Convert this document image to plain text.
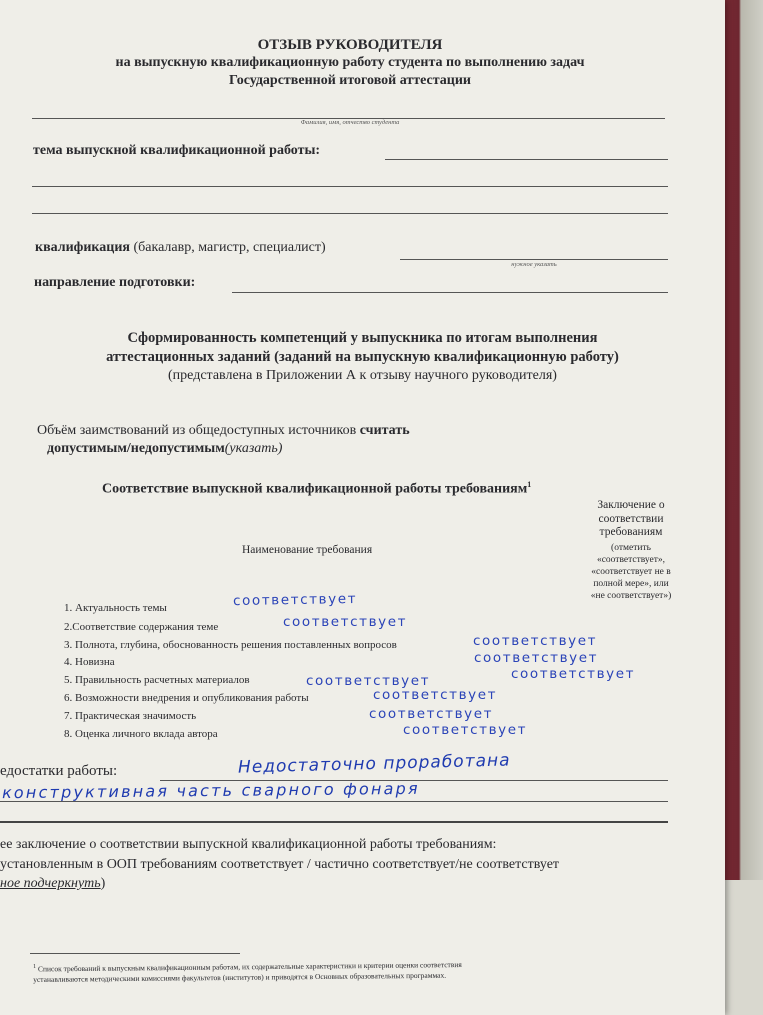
ОТЗЫВ РУКОВОДИТЕЛЯ
на выпускную квалификационную работу студента по выполнению задач
Государственной итоговой аттестации
Фамилия, имя, отчество студента
тема выпускной квалификационной работы:
квалификация (бакалавр, магистр, специалист)
нужное указать
направление подготовки:
Сформированность компетенций у выпускника по итогам выполнения
аттестационных заданий (заданий на выпускную квалификационную работу)
(представлена в Приложении А к отзыву научного руководителя)
Объём заимствований из общедоступных источников считать
допустимым/недопустимым(указать)
Соответствие выпускной квалификационной работы требованиям$^1$
Заключение о
соответствии
требованиям
(отметить
«соответствует»,
«соответствует не в
полной мере», или
«не соответствует»)
Наименование требования
1. Актуальность темы
2.Соответствие содержания теме
3. Полнота, глубина, обоснованность решения поставленных вопросов
4. Новизна
5. Правильность расчетных материалов
6. Возможности внедрения и опубликования работы
7. Практическая значимость
8. Оценка личного вклада автора
соответствует
соответствует
соответствует
соответствует
соответствует	соответствует
соответствует
соответствует
соответствует
едостатки работы:	Недостаточно проработана
конструктивная часть сварного фонаря
ее заключение о соответствии выпускной квалификационной работы требованиям:
установленным в ООП требованиям соответствует / частично соответствует/не соответствует
ное подчеркнуть)
$^1$ Список требований к выпускным квалификационным работам, их содержательные характеристики и критерии оценки соответствия
устанавливаются методическими комиссиями факультетов (институтов) и приводятся в Основных образовательных программах.
